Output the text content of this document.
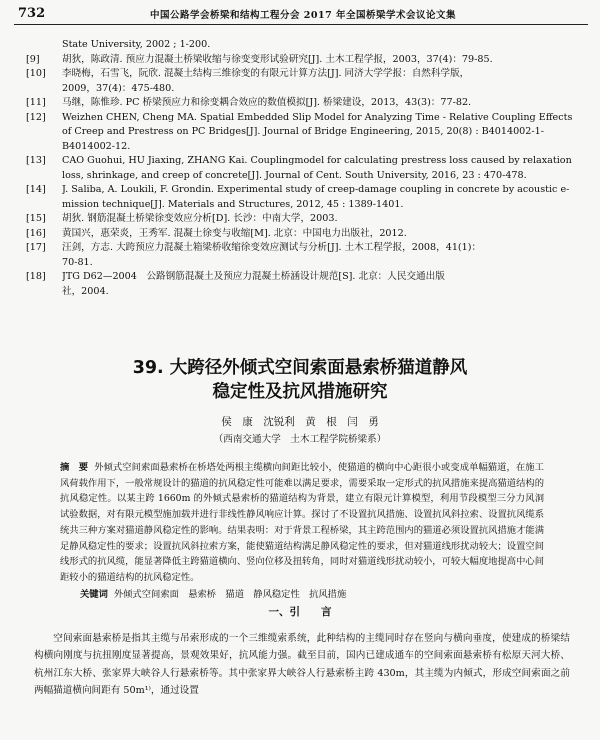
732	中国公路学会桥梁和结构工程分会 2017 年全国桥梁学术会议论文集

State University, 2002 ; 1-200.

[9] 胡狄，陈政清. 预应力混凝土桥梁收缩与徐变变形试验研究[J]. 土木工程学报，2003，37(4)：79-85.

[10] 李晓梅，石雪飞，阮欣. 混凝土结构三维徐变的有限元计算方法[J]. 同济大学学报：自然科学版，
2009，37(4)：475-480.

[11] 马继，陈惟珍. PC 桥梁预应力和徐变耦合效应的数值模拟[J]. 桥梁建设，2013，43(3)：77-82.

[12] Weizhen CHEN, Cheng MA. Spatial Embedded Slip Model for Analyzing Time - Relative Coupling Effects
of Creep and Prestress on PC Bridges[J]. Journal of Bridge Engineering, 2015, 20(8) : B4014002-1-
B4014002-12.

[13] CAO Guohui, HU Jiaxing, ZHANG Kai. Couplingmodel for calculating prestress loss caused by relaxation
loss, shrinkage, and creep of concrete[J]. Journal of Cent. South University, 2016, 23 : 470-478.

[14] J. Saliba, A. Loukili, F. Grondin. Experimental study of creep-damage coupling in concrete by acoustic e-
mission technique[J]. Materials and Structures, 2012, 45 : 1389-1401.

[15] 胡狄. 钢筋混凝土桥梁徐变效应分析[D]. 长沙：中南大学，2003.

[16] 黄国兴，惠荣炎，王秀军. 混凝土徐变与收缩[M]. 北京：中国电力出版社，2012.

[17] 汪剑，方志. 大跨预应力混凝土箱梁桥收缩徐变效应测试与分析[J]. 土木工程学报，2008，41(1)：
70-81.

[18] JTG D62—2004　公路钢筋混凝土及预应力混凝土桥涵设计规范[S]. 北京：人民交通出版
社，2004.

39. 大跨径外倾式空间索面悬索桥猫道静风
稳定性及抗风措施研究
侯　康　沈锐利　黄　根　闫　勇
（西南交通大学　土木工程学院桥梁系）
摘　要 外倾式空间索面悬索桥在桥塔处两根主缆横向间距比较小，使猫道的横向中心距很小或变成单幅猫道，在施工风荷载作用下，一般常规设计的猫道的抗风稳定性可能难以满足要求，需要采取一定形式的抗风措施来提高猫道结构的抗风稳定性。以某主跨 1660m 的外倾式悬索桥的猫道结构为背景，建立有限元计算模型，利用节段模型三分力风洞试验数据，对有限元模型施加载并进行非线性静风响应计算。探讨了不设置抗风措施、设置抗风斜拉索、设置抗风缆系统共三种方案对猫道静风稳定性的影响。结果表明：对于背景工程桥梁，其主跨范围内的猫道必须设置抗风措施才能满足静风稳定性的要求；设置抗风斜拉索方案，能使猫道结构满足静风稳定性的要求，但对猫道线形扰动较大；设置空间线形式的抗风缆，能显著降低主跨猫道横向、竖向位移及扭转角，同时对猫道线形扰动较小，可较大幅度地提高中心间距较小的猫道结构的抗风稳定性。
关键词 外倾式空间索面　悬索桥　猫道　静风稳定性　抗风措施
一、引　　言
空间索面悬索桥是指其主缆与吊索形成的一个三维缆索系统，此种结构的主缆同时存在竖向与横向垂度，使建成的桥梁结构横向刚度与抗扭刚度显著提高，景观效果好，抗风能力强。截至目前，国内已建成通车的空间索面悬索桥有松原天河大桥、杭州江东大桥、张家界大峡谷人行悬索桥等。其中张家界大峡谷人行悬索桥主跨 430m，其主缆为内倾式，形成空间索面之前两幅猫道横向间距有 50m¹⁾，通过设置
